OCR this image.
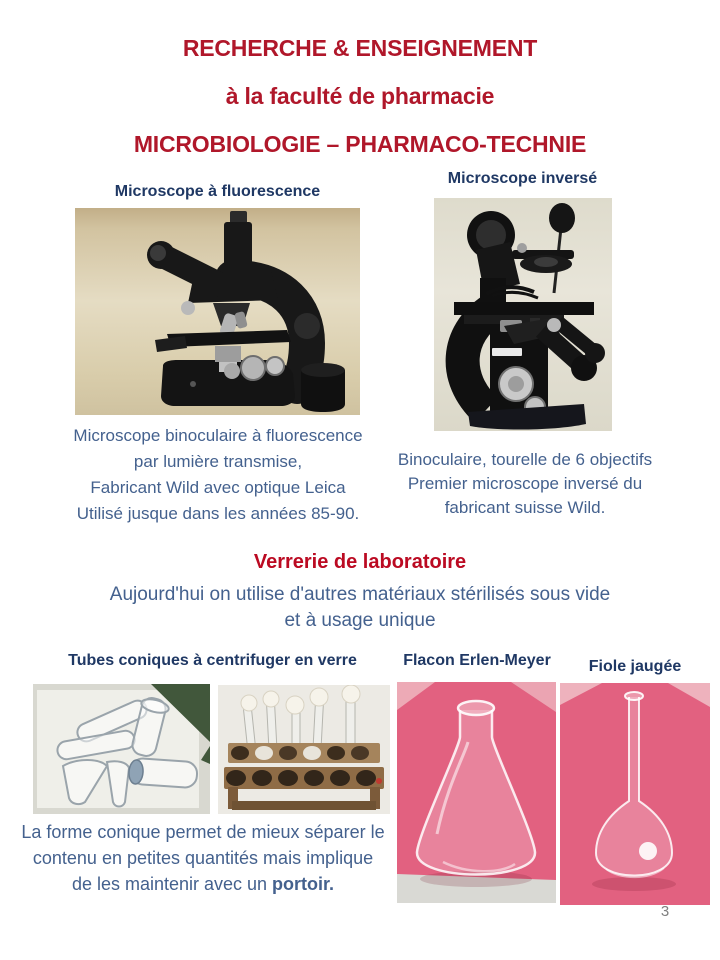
RECHERCHE & ENSEIGNEMENT
à la faculté de pharmacie
MICROBIOLOGIE – PHARMACO-TECHNIE
Microscope à fluorescence
Microscope inversé
Microscope binoculaire à fluorescence
par lumière transmise,
Fabricant Wild avec optique Leica
Utilisé jusque dans les années 85-90.
Binoculaire, tourelle de 6 objectifs
Premier microscope inversé du
fabricant suisse Wild.
Verrerie de laboratoire
Aujourd'hui on utilise d'autres matériaux stérilisés sous vide
et à usage unique
Tubes coniques à centrifuger en verre	Flacon Erlen-Meyer	Fiole jaugée
La forme conique permet de mieux séparer le
contenu en petites quantités mais implique
de les maintenir avec un portoir.
3
